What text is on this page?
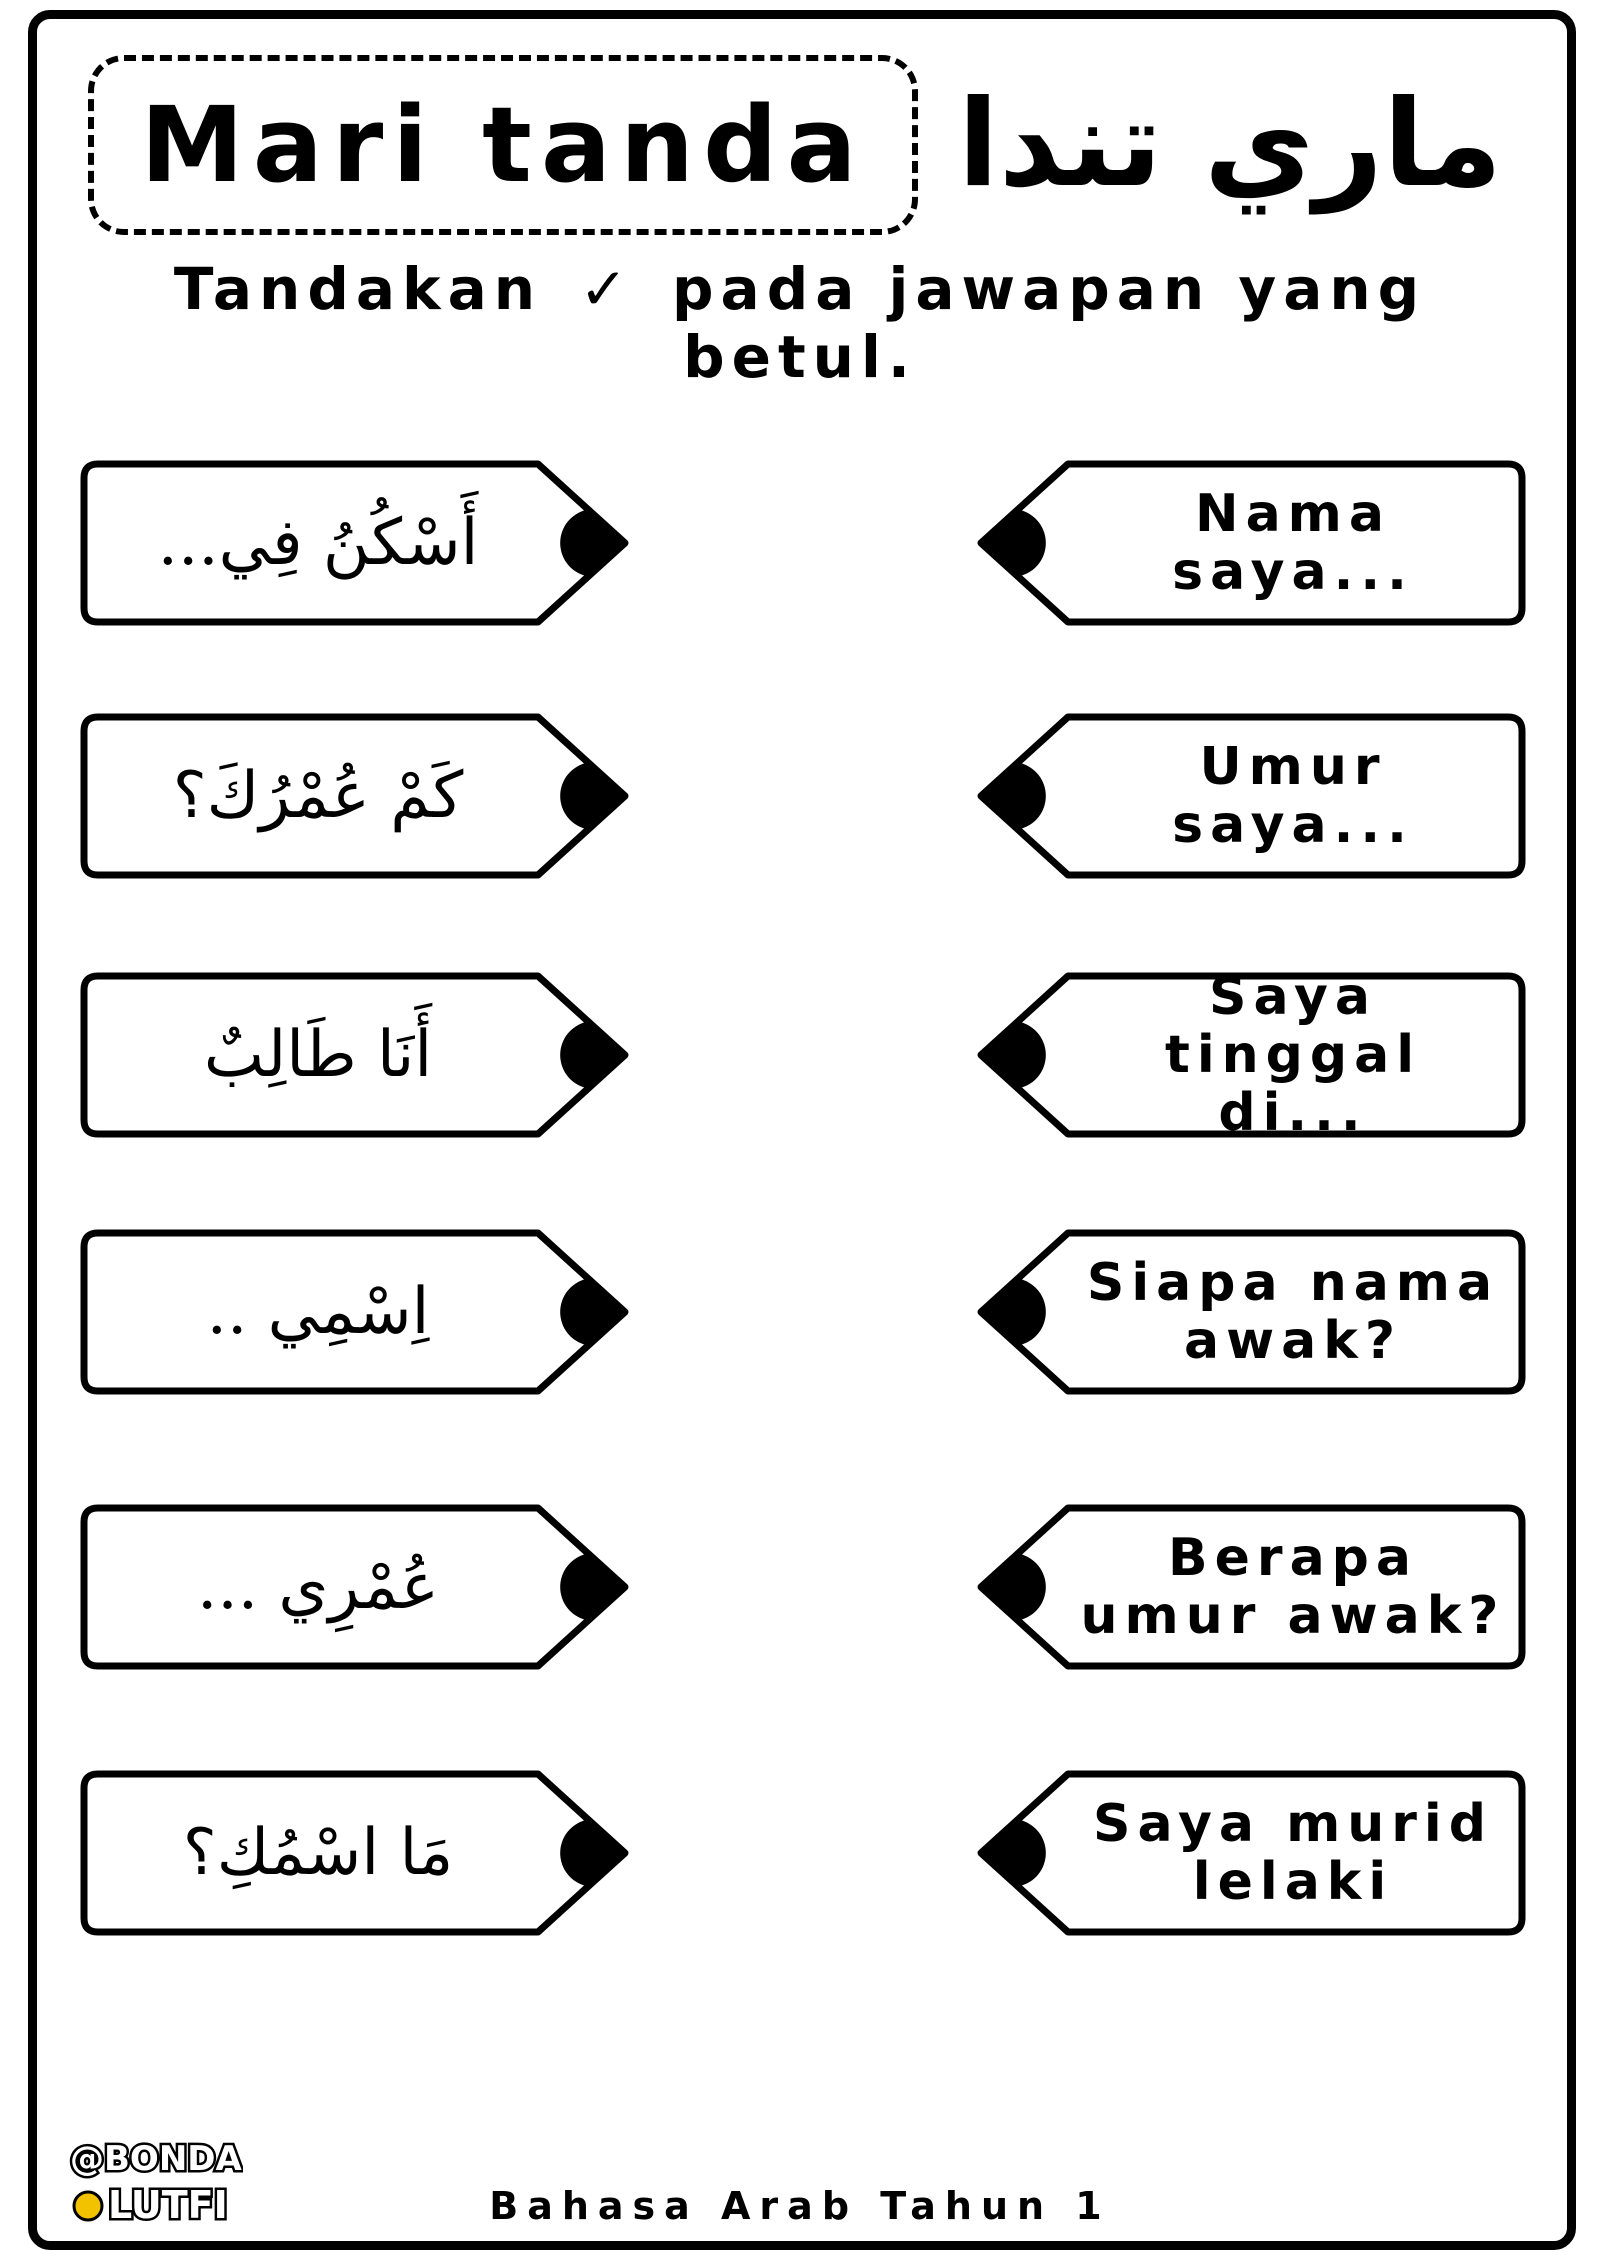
Mari tanda ماري تندا
Tandakan ✓ pada jawapan yang betul.
أَسْكُنُ فِي...
كَمْ عُمْرُكَ؟
أَنَا طَالِبٌ
اِسْمِي ..
عُمْرِي ...
مَا اسْمُكِ؟
Nama saya...
Umur saya...
Saya tinggal di...
Siapa nama awak?
Berapa umur awak?
Saya murid lelaki
@BONDA
LUTFI	Bahasa Arab Tahun 1
